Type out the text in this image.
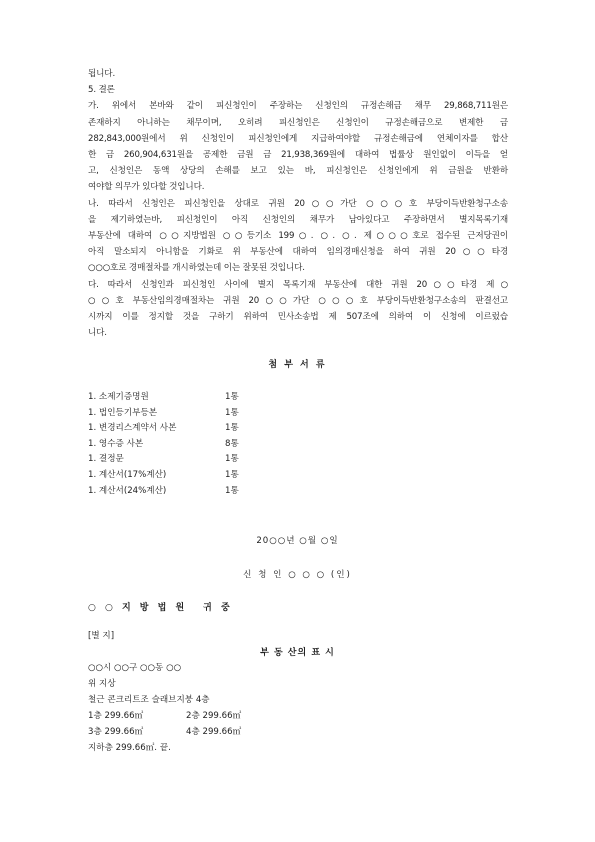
됩니다.
5. 결론
가. 위에서 본바와 같이 피신청인이 주장하는 신청인의 규정손해금 채무 29,868,711원은
존재하지 아니하는 채무이며, 오히려 피신청인은 신청인이 규정손해금으로 변제한 금
282,843,000원에서 위 신청인이 피신청인에게 지급하여야할 규정손해금에 연체이자를 합산
한 금 260,904,631원을 공제한 금원 금 21,938,369원에 대하여 법률상 원인없이 이득을 얻
고, 신청인은 동액 상당의 손해를 보고 있는 바, 피신청인은 신청인에게 위 금원을 반환하
여야할 의무가 있다할 것입니다.
나. 따라서 신청인은 피신청인을 상대로 귀원 20○○가단 ○○○호 부당이득반환청구소송
을 제기하였는바, 피신청인이 아직 신청인의 채무가 남아있다고 주장하면서 별지목록기재
부동산에 대하여 ○○지방법원 ○○등기소 199○. ○. ○. 제○○○호로 접수된 근저당권이
아직 말소되지 아니함을 기화로 위 부동산에 대하여 임의경매신청을 하여 귀원 20○○타경
○○○호로 경매절차를 개시하였는데 이는 잘못된 것입니다.
다. 따라서 신청인과 피신청인 사이에 별지 목록기재 부동산에 대한 귀원 20○○타경 제○
○○호 부동산임의경매절차는 귀원 20○○가단 ○○○호 부당이득반환청구소송의 판결선고
시까지 이를 정지할 것을 구하기 위하여 민사소송법 제 507조에 의하여 이 신청에 이르렀습
니다.
첨 부 서 류
1. 소제기증명원	1통
1. 법인등기부등본	1통
1. 변경리스계약서 사본	1통
1. 영수증 사본	8통
1. 결정문	1통
1. 계산서(17%계산)	1통
1. 계산서(24%계산)	1통
20○○년 ○월 ○일
신 청 인 ○ ○ ○ (인)
○ ○ 지 방 법 원 귀 중
[별 지]
부 동 산의 표 시
○○시 ○○구 ○○동 ○○
위 지상
철근 콘크리트조 슬래브지붕 4층
1층 299.66㎡	2층 299.66㎡
3층 299.66㎡	4층 299.66㎡
지하층 299.66㎡. 끝.
